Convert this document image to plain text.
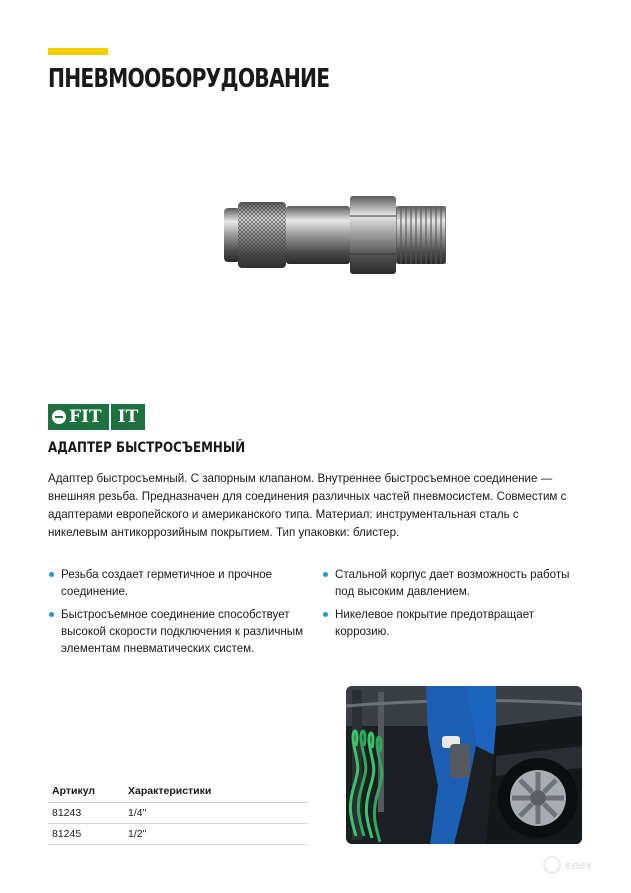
ПНЕВМООБОРУДОВАНИЕ
FIT IT
АДАПТЕР БЫСТРОСЪЕМНЫЙ
Адаптер быстросъемный. С запорным клапаном. Внутреннее быстросъемное соединение — внешняя резьба. Предназначен для соединения различных частей пневмосистем. Совместим с адаптерами европейского и американского типа. Материал: инструментальная сталь с никелевым антикоррозийным покрытием. Тип упаковки: блистер.
Резьба создает герметичное и прочное соединение.
Быстросъемное соединение способствует высокой скорости подключения к различным элементам пневматических систем.
Стальной корпус дает возможность работы под высоким давлением.
Никелевое покрытие предотвращает коррозию.
Артикул	Характеристики
81243	1/4"
81245	1/2"
enex
